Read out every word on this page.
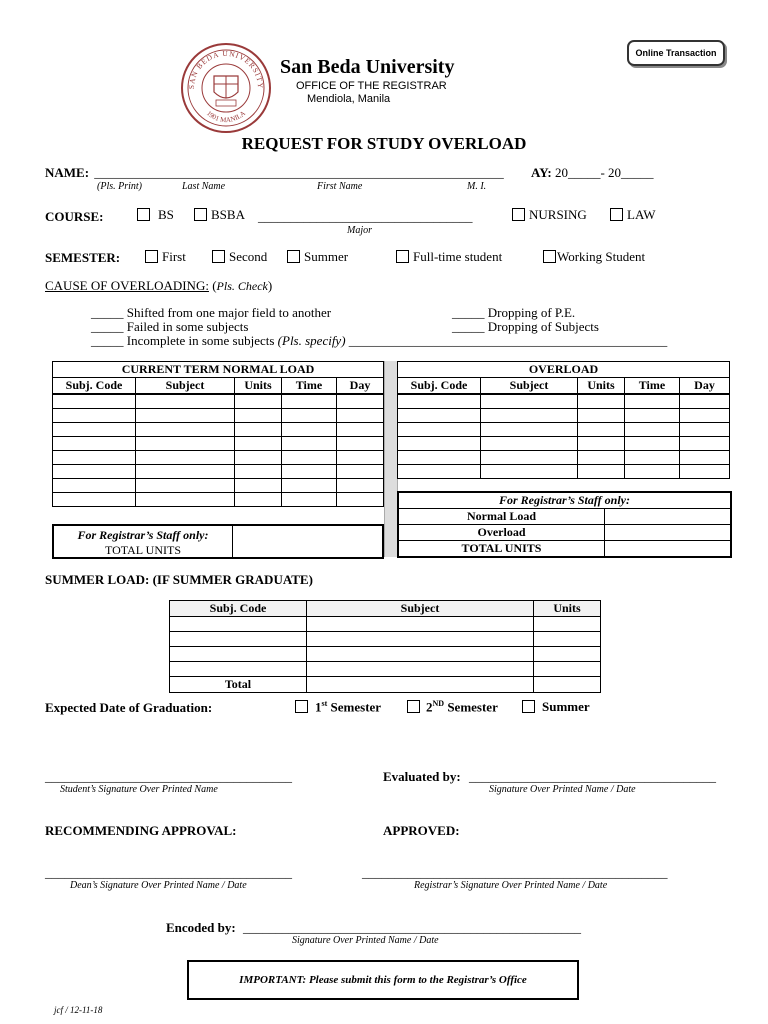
Online Transaction
SAN BEDA UNIVERSITY
1901 MANILA
San Beda University
OFFICE OF THE REGISTRAR
Mendiola, Manila
REQUEST FOR STUDY OVERLOAD
NAME: _______________________________________________________________ AY: 20_____- 20_____
(Pls. Print)	Last Name	First Name	M. I.
COURSE:	BS	BSBA _________________________________
Major
NURSING	LAW
SEMESTER:	First	Second	Summer	Full-time student	Working Student
CAUSE OF OVERLOADING: (Pls. Check)
_____ Shifted from one major field to another
_____ Failed in some subjects
_____ Incomplete in some subjects (Pls. specify) _________________________________________________
_____ Dropping of P.E.
_____ Dropping of Subjects
CURRENT TERM NORMAL LOAD
Subj. Code	Subject	Units	Time	Day

For Registrar’s Staff only:
TOTAL UNITS
OVERLOAD
Subj. Code	Subject	Units	Time	Day

For Registrar’s Staff only:	
Normal Load	
Overload	
TOTAL UNITS	
SUMMER LOAD: (IF SUMMER GRADUATE)
Subj. Code	Subject	Units

Total		
Expected Date of Graduation:	1st Semester	2ND Semester	Summer
______________________________________
Student’s Signature Over Printed Name
Evaluated by: ______________________________________
Signature Over Printed Name / Date
RECOMMENDING APPROVAL:	APPROVED:
______________________________________
Dean’s Signature Over Printed Name / Date
_______________________________________________
Registrar’s Signature Over Printed Name / Date
Encoded by: ____________________________________________________
Signature Over Printed Name / Date
IMPORTANT: Please submit this form to the Registrar’s Office
jcf / 12-11-18
